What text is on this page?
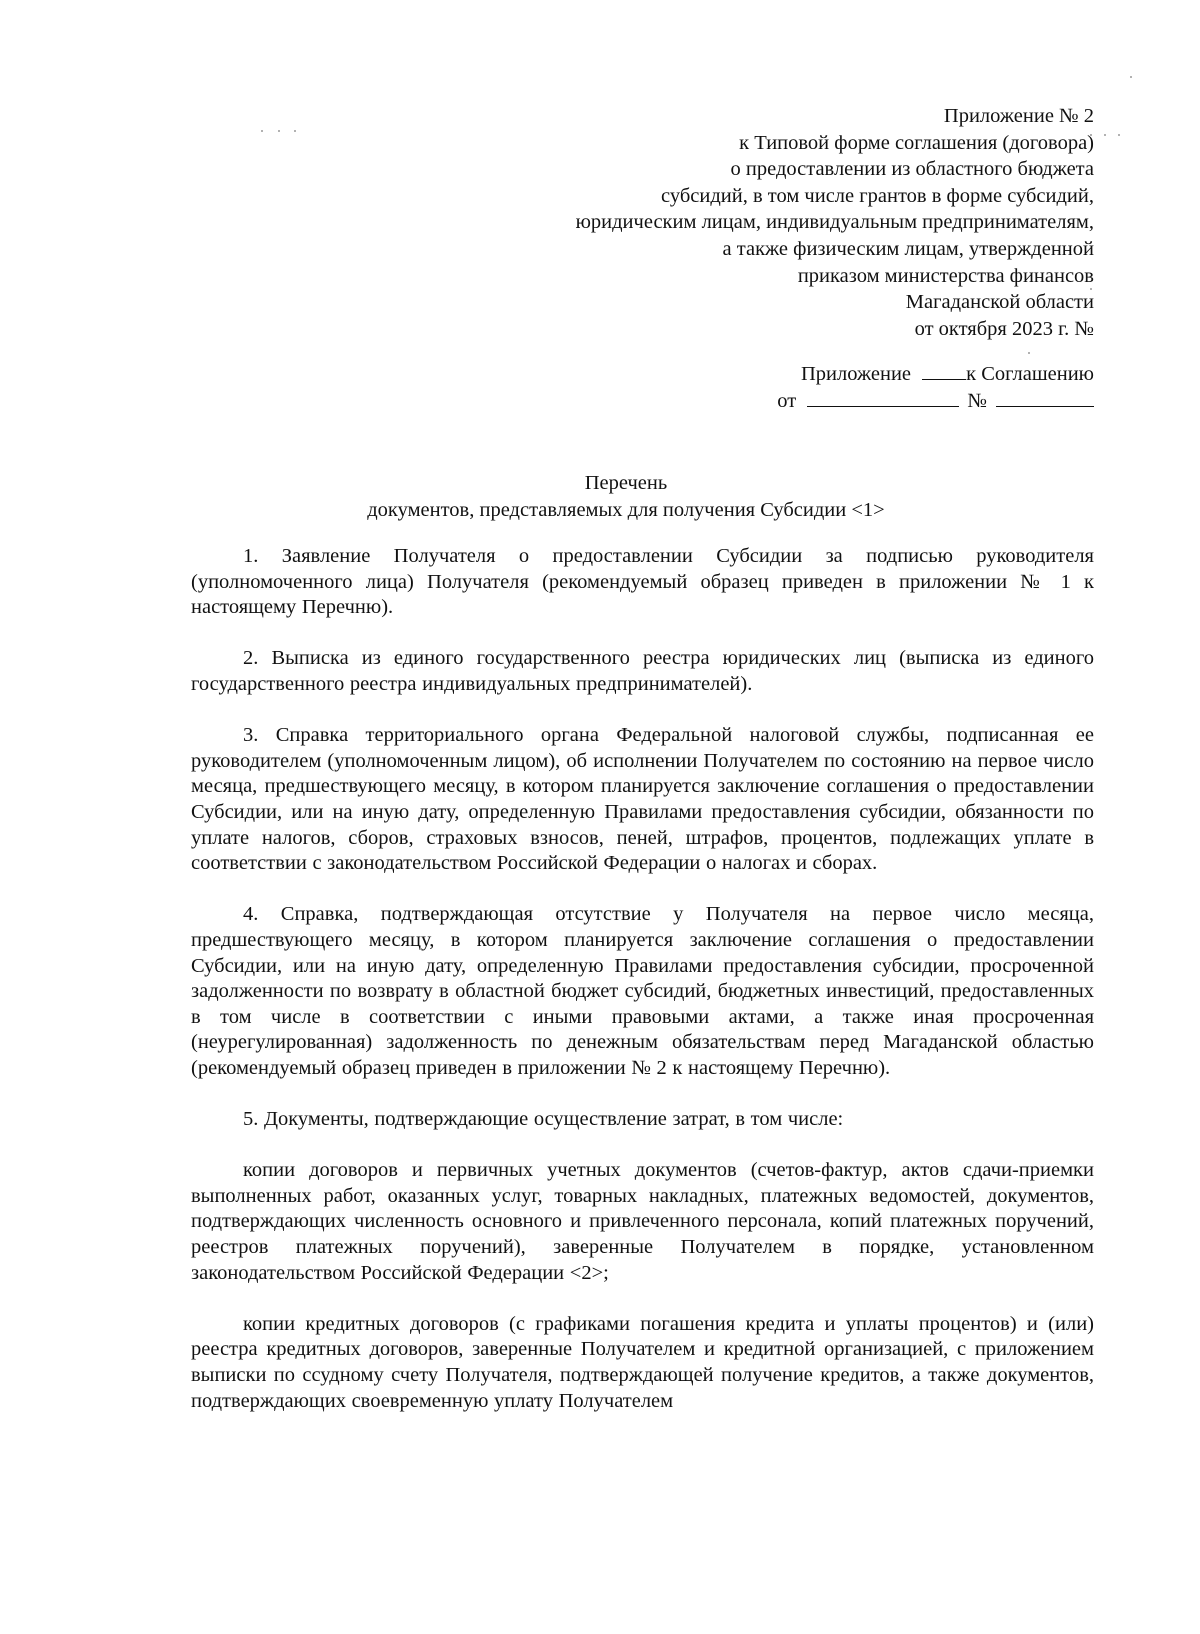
Приложение № 2
к Типовой форме соглашения (договора)
о предоставлении из областного бюджета
субсидий, в том числе грантов в форме субсидий,
юридическим лицам, индивидуальным предпринимателям,
а также физическим лицам, утвержденной
приказом министерства финансов
Магаданской области
от октября 2023 г. №
Приложение	к Соглашению
от	№
Перечень
документов, представляемых для получения Субсидии <1>

1. Заявление Получателя о предоставлении Субсидии за подписью руководителя (уполномоченного лица) Получателя (рекомендуемый образец приведен в приложении № 1 к настоящему Перечню).

2. Выписка из единого государственного реестра юридических лиц (выписка из единого государственного реестра индивидуальных предпринимателей).

3. Справка территориального органа Федеральной налоговой службы, подписанная ее руководителем (уполномоченным лицом), об исполнении Получателем по состоянию на первое число месяца, предшествующего месяцу, в котором планируется заключение соглашения о предоставлении Субсидии, или на иную дату, определенную Правилами предоставления субсидии, обязанности по уплате налогов, сборов, страховых взносов, пеней, штрафов, процентов, подлежащих уплате в соответствии с законодательством Российской Федерации о налогах и сборах.

4. Справка, подтверждающая отсутствие у Получателя на первое число месяца, предшествующего месяцу, в котором планируется заключение соглашения о предоставлении Субсидии, или на иную дату, определенную Правилами предоставления субсидии, просроченной задолженности по возврату в областной бюджет субсидий, бюджетных инвестиций, предоставленных в том числе в соответствии с иными правовыми актами, а также иная просроченная (неурегулированная) задолженность по денежным обязательствам перед Магаданской областью (рекомендуемый образец приведен в приложении № 2 к настоящему Перечню).

5. Документы, подтверждающие осуществление затрат, в том числе:

копии договоров и первичных учетных документов (счетов-фактур, актов сдачи-приемки выполненных работ, оказанных услуг, товарных накладных, платежных ведомостей, документов, подтверждающих численность основного и привлеченного персонала, копий платежных поручений, реестров платежных поручений), заверенные Получателем в порядке, установленном законодательством Российской Федерации <2>;

копии кредитных договоров (с графиками погашения кредита и уплаты процентов) и (или) реестра кредитных договоров, заверенные Получателем и кредитной организацией, с приложением выписки по ссудному счету Получателя, подтверждающей получение кредитов, а также документов, подтверждающих своевременную уплату Получателем
